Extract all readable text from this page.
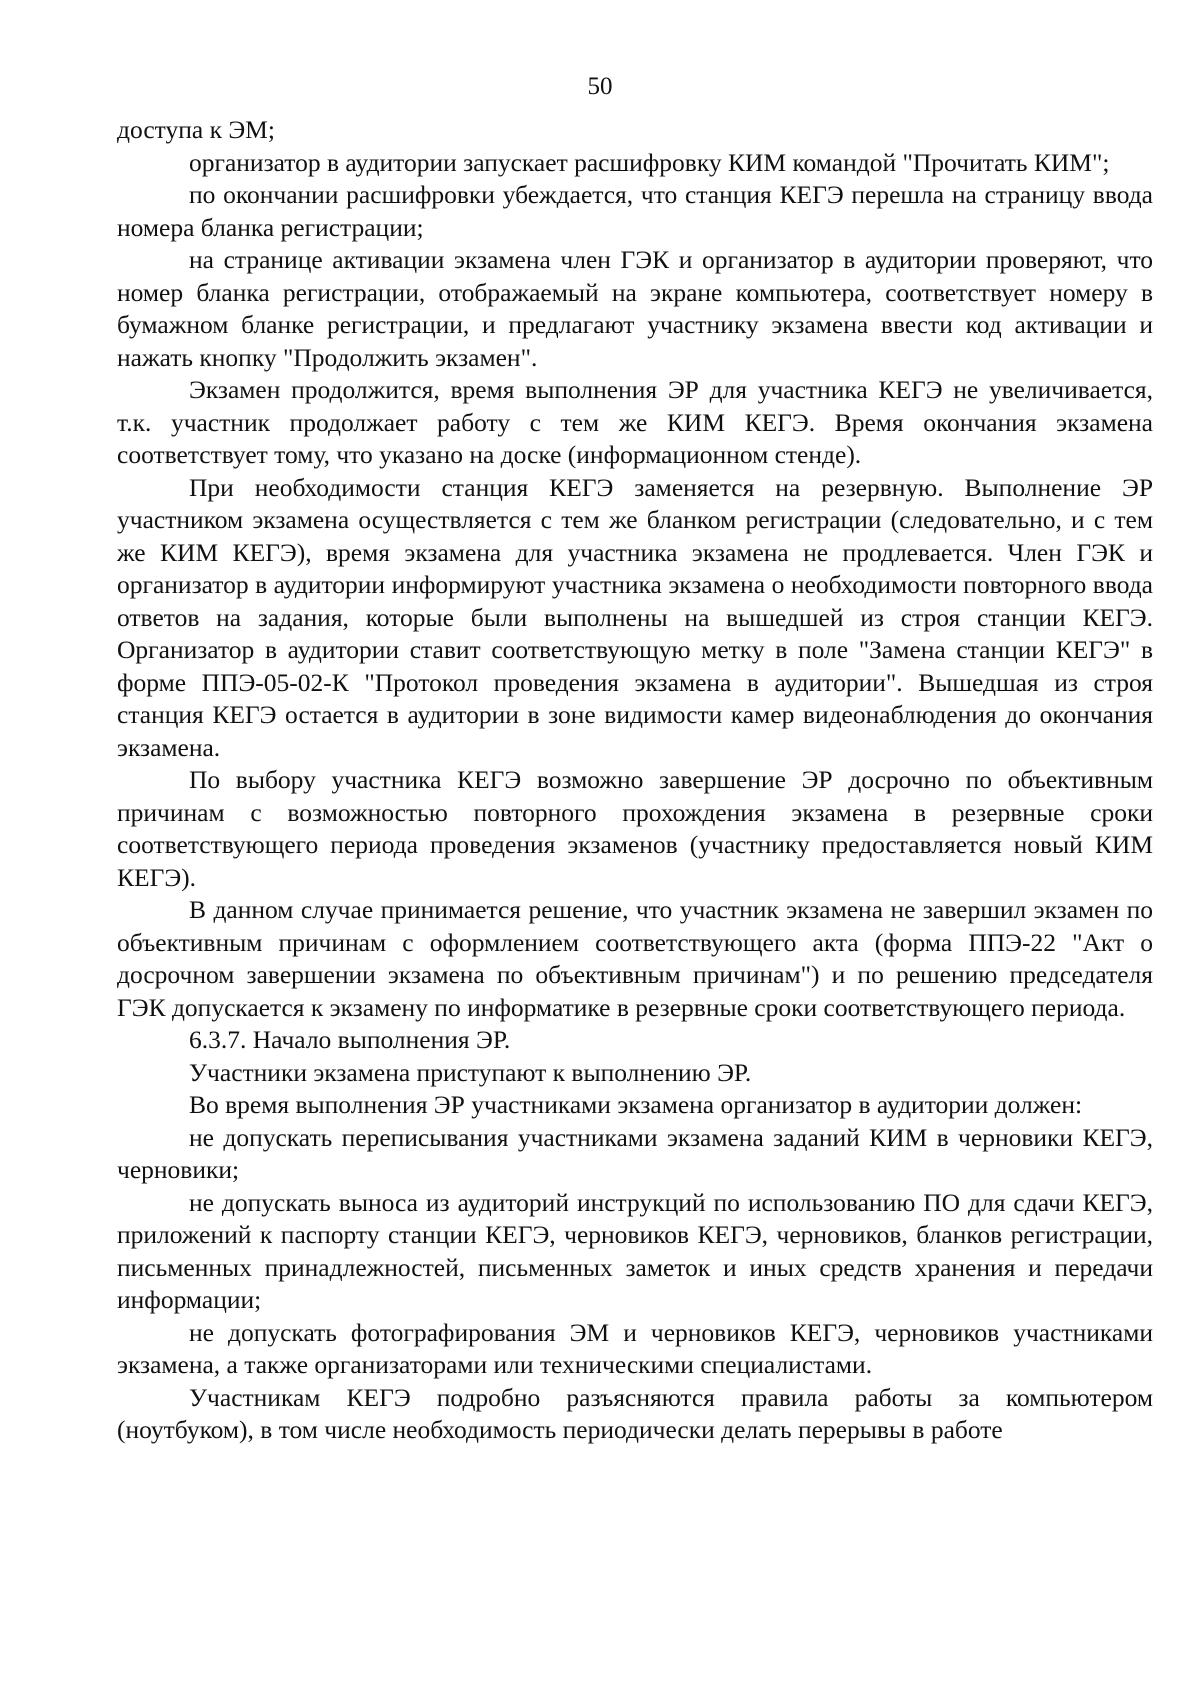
50

доступа к ЭМ;

организатор в аудитории запускает расшифровку КИМ командой "Прочитать КИМ";

по окончании расшифровки убеждается, что станция КЕГЭ перешла на страницу ввода номера бланка регистрации;

на странице активации экзамена член ГЭК и организатор в аудитории проверяют, что номер бланка регистрации, отображаемый на экране компьютера, соответствует номеру в бумажном бланке регистрации, и предлагают участнику экзамена ввести код активации и нажать кнопку "Продолжить экзамен".

Экзамен продолжится, время выполнения ЭР для участника КЕГЭ не увеличивается, т.к. участник продолжает работу с тем же КИМ КЕГЭ. Время окончания экзамена соответствует тому, что указано на доске (информационном стенде).

При необходимости станция КЕГЭ заменяется на резервную. Выполнение ЭР участником экзамена осуществляется с тем же бланком регистрации (следовательно, и с тем же КИМ КЕГЭ), время экзамена для участника экзамена не продлевается. Член ГЭК и организатор в аудитории информируют участника экзамена о необходимости повторного ввода ответов на задания, которые были выполнены на вышедшей из строя станции КЕГЭ. Организатор в аудитории ставит соответствующую метку в поле "Замена станции КЕГЭ" в форме ППЭ-05-02-К "Протокол проведения экзамена в аудитории". Вышедшая из строя станция КЕГЭ остается в аудитории в зоне видимости камер видеонаблюдения до окончания экзамена.

По выбору участника КЕГЭ возможно завершение ЭР досрочно по объективным причинам с возможностью повторного прохождения экзамена в резервные сроки соответствующего периода проведения экзаменов (участнику предоставляется новый КИМ КЕГЭ).

В данном случае принимается решение, что участник экзамена не завершил экзамен по объективным причинам с оформлением соответствующего акта (форма ППЭ-22 "Акт о досрочном завершении экзамена по объективным причинам") и по решению председателя ГЭК допускается к экзамену по информатике в резервные сроки соответствующего периода.

6.3.7. Начало выполнения ЭР.

Участники экзамена приступают к выполнению ЭР.

Во время выполнения ЭР участниками экзамена организатор в аудитории должен:

не допускать переписывания участниками экзамена заданий КИМ в черновики КЕГЭ, черновики;

не допускать выноса из аудиторий инструкций по использованию ПО для сдачи КЕГЭ, приложений к паспорту станции КЕГЭ, черновиков КЕГЭ, черновиков, бланков регистрации, письменных принадлежностей, письменных заметок и иных средств хранения и передачи информации;

не допускать фотографирования ЭМ и черновиков КЕГЭ, черновиков участниками экзамена, а также организаторами или техническими специалистами.

Участникам КЕГЭ подробно разъясняются правила работы за компьютером (ноутбуком), в том числе необходимость периодически делать перерывы в работе
